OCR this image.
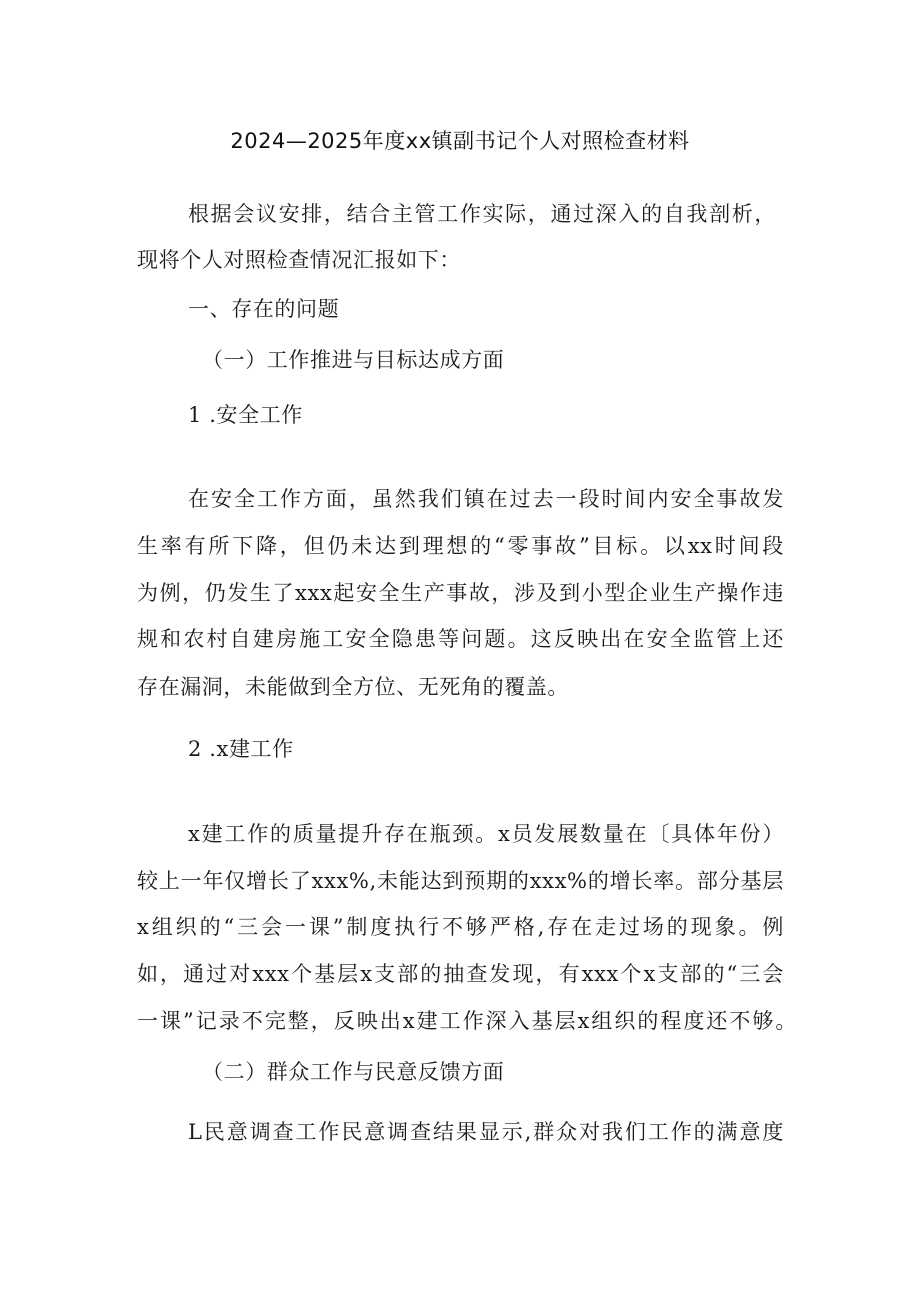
2024—2025年度xx镇副书记个人对照检查材料
根据会议安排，结合主管工作实际，通过深入的自我剖析，
现将个人对照检查情况汇报如下：
一、存在的问题
（一）工作推进与目标达成方面
1 .安全工作
在安全工作方面，虽然我们镇在过去一段时间内安全事故发
生率有所下降，但仍未达到理想的“零事故”目标。以xx时间段
为例，仍发生了xxx起安全生产事故，涉及到小型企业生产操作违
规和农村自建房施工安全隐患等问题。这反映出在安全监管上还
存在漏洞，未能做到全方位、无死角的覆盖。
2 .x建工作
x建工作的质量提升存在瓶颈。x员发展数量在〔具体年份）
较上一年仅增长了xxx%,未能达到预期的xxx%的增长率。部分基层
x组织的“三会一课”制度执行不够严格,存在走过场的现象。例
如，通过对xxx个基层x支部的抽查发现，有xxx个x支部的“三会
一课”记录不完整，反映出x建工作深入基层x组织的程度还不够。
（二）群众工作与民意反馈方面
L民意调查工作民意调查结果显示,群众对我们工作的满意度
